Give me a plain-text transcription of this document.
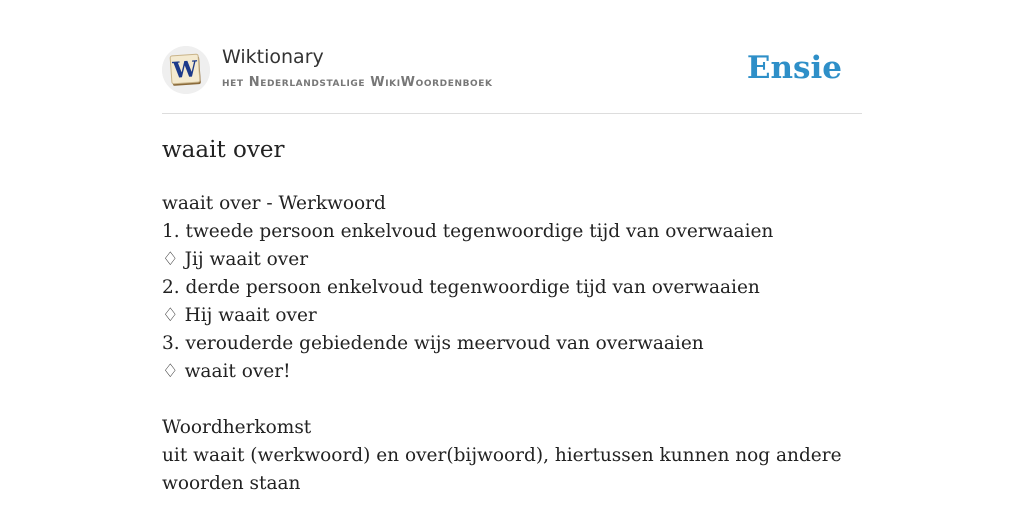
W Wiktionary
het Nederlandstalige WikiWoordenboek	Ensie
waait over
waait over - Werkwoord
1. tweede persoon enkelvoud tegenwoordige tijd van overwaaien
♢ Jij waait over
2. derde persoon enkelvoud tegenwoordige tijd van overwaaien
♢ Hij waait over
3. verouderde gebiedende wijs meervoud van overwaaien
♢ waait over!
Woordherkomst
uit waait (werkwoord) en over(bijwoord), hiertussen kunnen nog andere woorden staan
